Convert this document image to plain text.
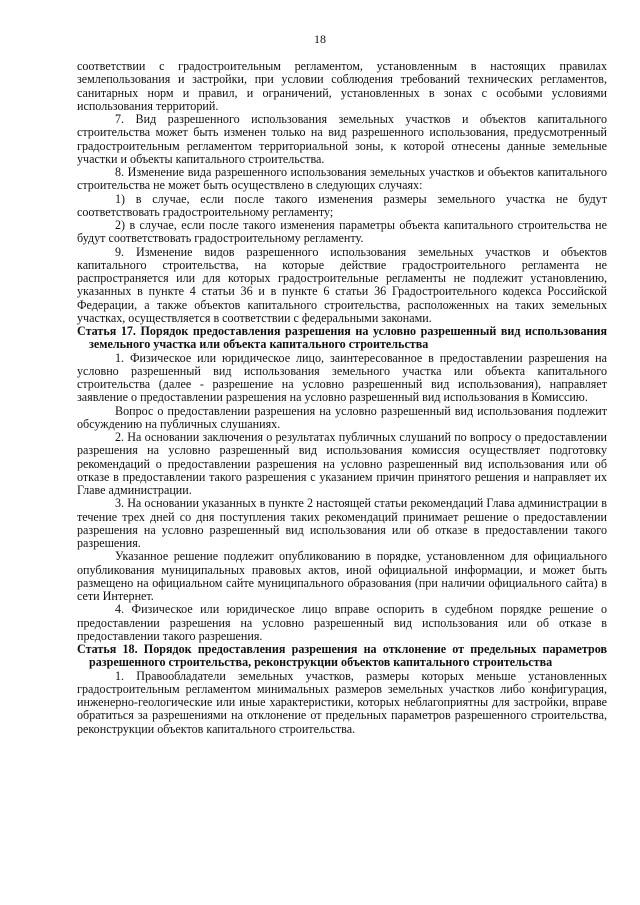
18

соответствии с градостроительным регламентом, установленным в настоящих правилах землепользования и застройки, при условии соблюдения требований технических регламентов, санитарных норм и правил, и ограничений, установленных в зонах с особыми условиями использования территорий.

7. Вид разрешенного использования земельных участков и объектов капитального строительства может быть изменен только на вид разрешенного использования, предусмотренный градостроительным регламентом территориальной зоны, к которой отнесены данные земельные участки и объекты капитального строительства.

8. Изменение вида разрешенного использования земельных участков и объектов капитального строительства не может быть осуществлено в следующих случаях:

1) в случае, если после такого изменения размеры земельного участка не будут соответствовать градостроительному регламенту;

2) в случае, если после такого изменения параметры объекта капитального строительства не будут соответствовать градостроительному регламенту.

9. Изменение видов разрешенного использования земельных участков и объектов капитального строительства, на которые действие градостроительного регламента не распространяется или для которых градостроительные регламенты не подлежит установлению, указанных в пункте 4 статьи 36 и в пункте 6 статьи 36 Градостроительного кодекса Российской Федерации, а также объектов капитального строительства, расположенных на таких земельных участках, осуществляется в соответствии с федеральными законами.

Статья 17. Порядок предоставления разрешения на условно разрешенный вид использования земельного участка или объекта капитального строительства

1. Физическое или юридическое лицо, заинтересованное в предоставлении разрешения на условно разрешенный вид использования земельного участка или объекта капитального строительства (далее - разрешение на условно разрешенный вид использования), направляет заявление о предоставлении разрешения на условно разрешенный вид использования в Комиссию.

Вопрос о предоставлении разрешения на условно разрешенный вид использования подлежит обсуждению на публичных слушаниях.

2. На основании заключения о результатах публичных слушаний по вопросу о предоставлении разрешения на условно разрешенный вид использования комиссия осуществляет подготовку рекомендаций о предоставлении разрешения на условно разрешенный вид использования или об отказе в предоставлении такого разрешения с указанием причин принятого решения и направляет их Главе администрации.

3. На основании указанных в пункте 2 настоящей статьи рекомендаций Глава администрации в течение трех дней со дня поступления таких рекомендаций принимает решение о предоставлении разрешения на условно разрешенный вид использования или об отказе в предоставлении такого разрешения.

Указанное решение подлежит опубликованию в порядке, установленном для официального опубликования муниципальных правовых актов, иной официальной информации, и может быть размещено на официальном сайте муниципального образования (при наличии официального сайта) в сети Интернет.

4. Физическое или юридическое лицо вправе оспорить в судебном порядке решение о предоставлении разрешения на условно разрешенный вид использования или об отказе в предоставлении такого разрешения.

Статья 18. Порядок предоставления разрешения на отклонение от предельных параметров разрешенного строительства, реконструкции объектов капитального строительства

1. Правообладатели земельных участков, размеры которых меньше установленных градостроительным регламентом минимальных размеров земельных участков либо конфигурация, инженерно-геологические или иные характеристики, которых неблагоприятны для застройки, вправе обратиться за разрешениями на отклонение от предельных параметров разрешенного строительства, реконструкции объектов капитального строительства.
